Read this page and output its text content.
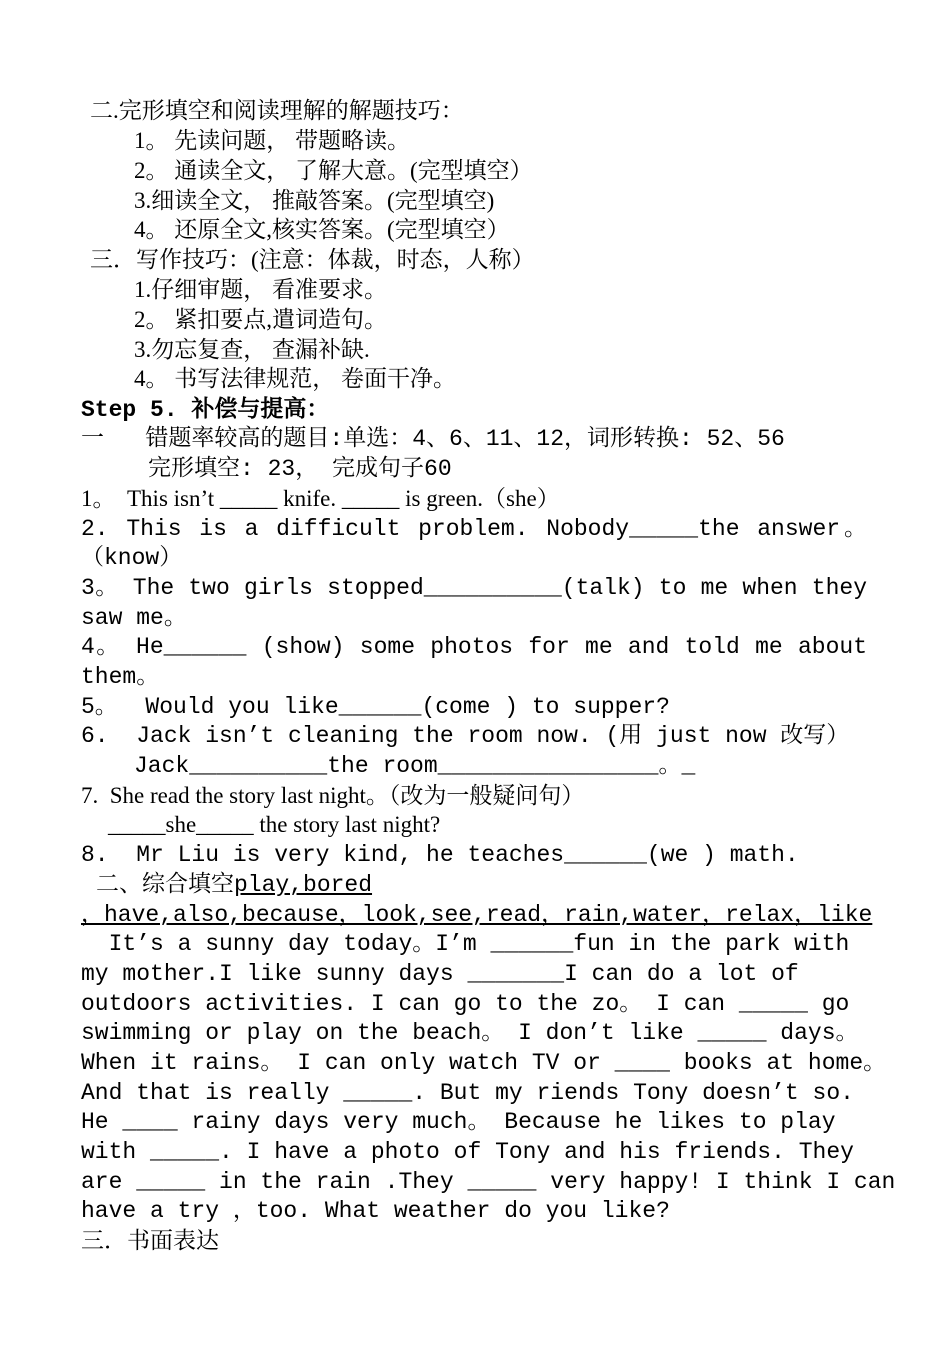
二.完形填空和阅读理解的解题技巧：
1。 先读问题， 带题略读。
2。 通读全文， 了解大意。(完型填空）
3.细读全文， 推敲答案。(完型填空)
4。 还原全文,核实答案。(完型填空）
三．写作技巧：(注意：体裁，时态，人称）
1.仔细审题， 看准要求。
2。 紧扣要点,遣词造句。
3.勿忘复查， 查漏补缺.
4。 书写法律规范， 卷面干净。
Step 5. 补偿与提高：
一   错题率较高的题目:单选：4、6、11、12，词形转换: 52、56
完形填空: 23， 完成句子60
1。  This isn’t _____ knife. _____ is green.（she）
2. This is a difficult problem. Nobody_____the answer。
（know）
3。 The two girls stopped__________(talk) to me when they
saw me。
4。 He______ (show) some photos for me and told me about
them。
5。  Would you like______(come ) to supper?
6.  Jack isn’t cleaning the room now. (用 just now 改写）
Jack__________the room________________。_
7.  She read the story last night。（改为一般疑问句）
_____she_____ the story last night?
8.  Mr Liu is very kind, he teaches______(we ) math.
二、综合填空play,bored
，have,also,because，look,see,read，rain,water，relax，like
It’s a sunny day today。I’m ______fun in the park with
my mother.I like sunny days _______I can do a lot of
outdoors activities. I can go to the zo。 I can _____ go
swimming or play on the beach。 I don’t like _____ days。
When it rains。 I can only watch TV or ____ books at home。
And that is really _____. But my riends Tony doesn’t so.
He ____ rainy days very much。 Because he likes to play
with _____. I have a photo of Tony and his friends. They
are _____ in the rain .They _____ very happy! I think I can
have a try ，too. What weather do you like?
三．书面表达
